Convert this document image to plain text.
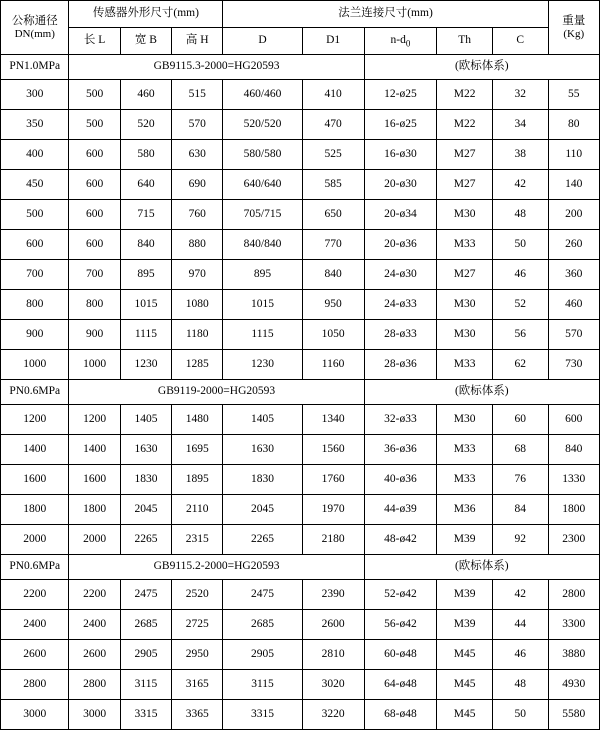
公称通径
DN(mm)	传感器外形尺寸(mm)			法兰连接尺寸(mm)					重量
(Kg)

	长 L	宽 B	高 H	D	D1	$n-d_0$	Th	C	
PN1.0MPa	GB9115.3-2000=HG20593					(欧标体系)			
300	500	460	515	460/460	410	12-ø25	M22	32	55
350	500	520	570	520/520	470	16-ø25	M22	34	80
400	600	580	630	580/580	525	16-ø30	M27	38	110
450	600	640	690	640/640	585	20-ø30	M27	42	140
500	600	715	760	705/715	650	20-ø34	M30	48	200
600	600	840	880	840/840	770	20-ø36	M33	50	260
700	700	895	970	895	840	24-ø30	M27	46	360
800	800	1015	1080	1015	950	24-ø33	M30	52	460
900	900	1115	1180	1115	1050	28-ø33	M30	56	570
1000	1000	1230	1285	1230	1160	28-ø36	M33	62	730
PN0.6MPa	GB9119-2000=HG20593					(欧标体系)			
1200	1200	1405	1480	1405	1340	32-ø33	M30	60	600
1400	1400	1630	1695	1630	1560	36-ø36	M33	68	840
1600	1600	1830	1895	1830	1760	40-ø36	M33	76	1330
1800	1800	2045	2110	2045	1970	44-ø39	M36	84	1800
2000	2000	2265	2315	2265	2180	48-ø42	M39	92	2300
PN0.6MPa	GB9115.2-2000=HG20593					(欧标体系)			
2200	2200	2475	2520	2475	2390	52-ø42	M39	42	2800
2400	2400	2685	2725	2685	2600	56-ø42	M39	44	3300
2600	2600	2905	2950	2905	2810	60-ø48	M45	46	3880
2800	2800	3115	3165	3115	3020	64-ø48	M45	48	4930
3000	3000	3315	3365	3315	3220	68-ø48	M45	50	5580
